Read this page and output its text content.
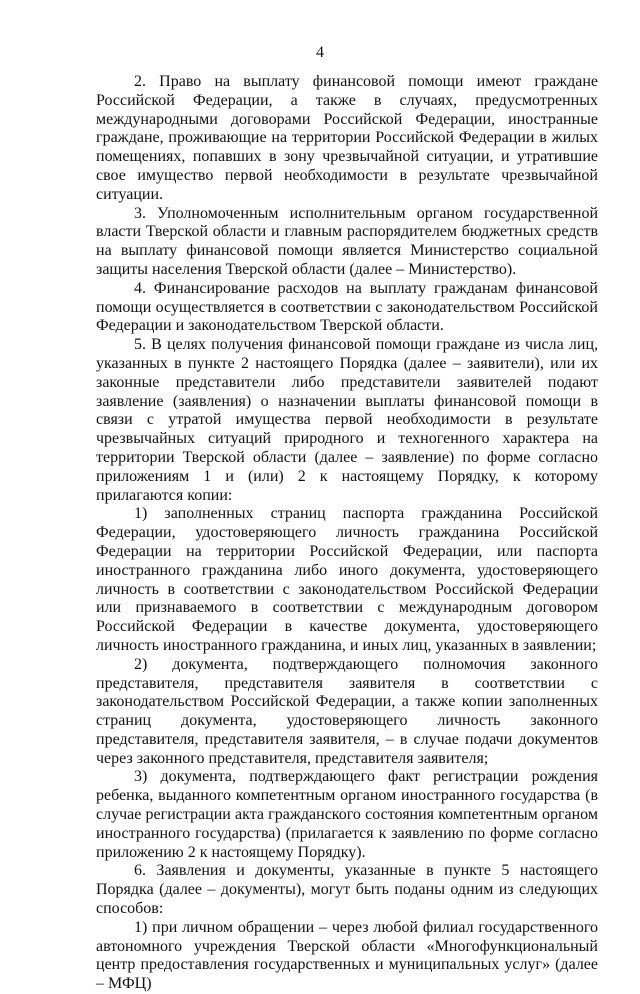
4

2. Право на выплату финансовой помощи имеют граждане Российской Федерации, а также в случаях, предусмотренных международными договорами Российской Федерации, иностранные граждане, проживающие на территории Российской Федерации в жилых помещениях, попавших в зону чрезвычайной ситуации, и утратившие свое имущество первой необходимости в результате чрезвычайной ситуации.

3. Уполномоченным исполнительным органом государственной власти Тверской области и главным распорядителем бюджетных средств на выплату финансовой помощи является Министерство социальной защиты населения Тверской области (далее – Министерство).

4. Финансирование расходов на выплату гражданам финансовой помощи осуществляется в соответствии с законодательством Российской Федерации и законодательством Тверской области.

5. В целях получения финансовой помощи граждане из числа лиц, указанных в пункте 2 настоящего Порядка (далее – заявители), или их законные представители либо представители заявителей подают заявление (заявления) о назначении выплаты финансовой помощи в связи с утратой имущества первой необходимости в результате чрезвычайных ситуаций природного и техногенного характера на территории Тверской области (далее – заявление) по форме согласно приложениям 1 и (или) 2 к настоящему Порядку, к которому прилагаются копии:

1) заполненных страниц паспорта гражданина Российской Федерации, удостоверяющего личность гражданина Российской Федерации на территории Российской Федерации, или паспорта иностранного гражданина либо иного документа, удостоверяющего личность в соответствии с законодательством Российской Федерации или признаваемого в соответствии с международным договором Российской Федерации в качестве документа, удостоверяющего личность иностранного гражданина, и иных лиц, указанных в заявлении;

2) документа, подтверждающего полномочия законного представителя, представителя заявителя в соответствии с законодательством Российской Федерации, а также копии заполненных страниц документа, удостоверяющего личность законного представителя, представителя заявителя, – в случае подачи документов через законного представителя, представителя заявителя;

3) документа, подтверждающего факт регистрации рождения ребенка, выданного компетентным органом иностранного государства (в случае регистрации акта гражданского состояния компетентным органом иностранного государства) (прилагается к заявлению по форме согласно приложению 2 к настоящему Порядку).

6. Заявления и документы, указанные в пункте 5 настоящего Порядка (далее – документы), могут быть поданы одним из следующих способов:

1) при личном обращении – через любой филиал государственного автономного учреждения Тверской области «Многофункциональный центр предоставления государственных и муниципальных услуг» (далее – МФЦ)
